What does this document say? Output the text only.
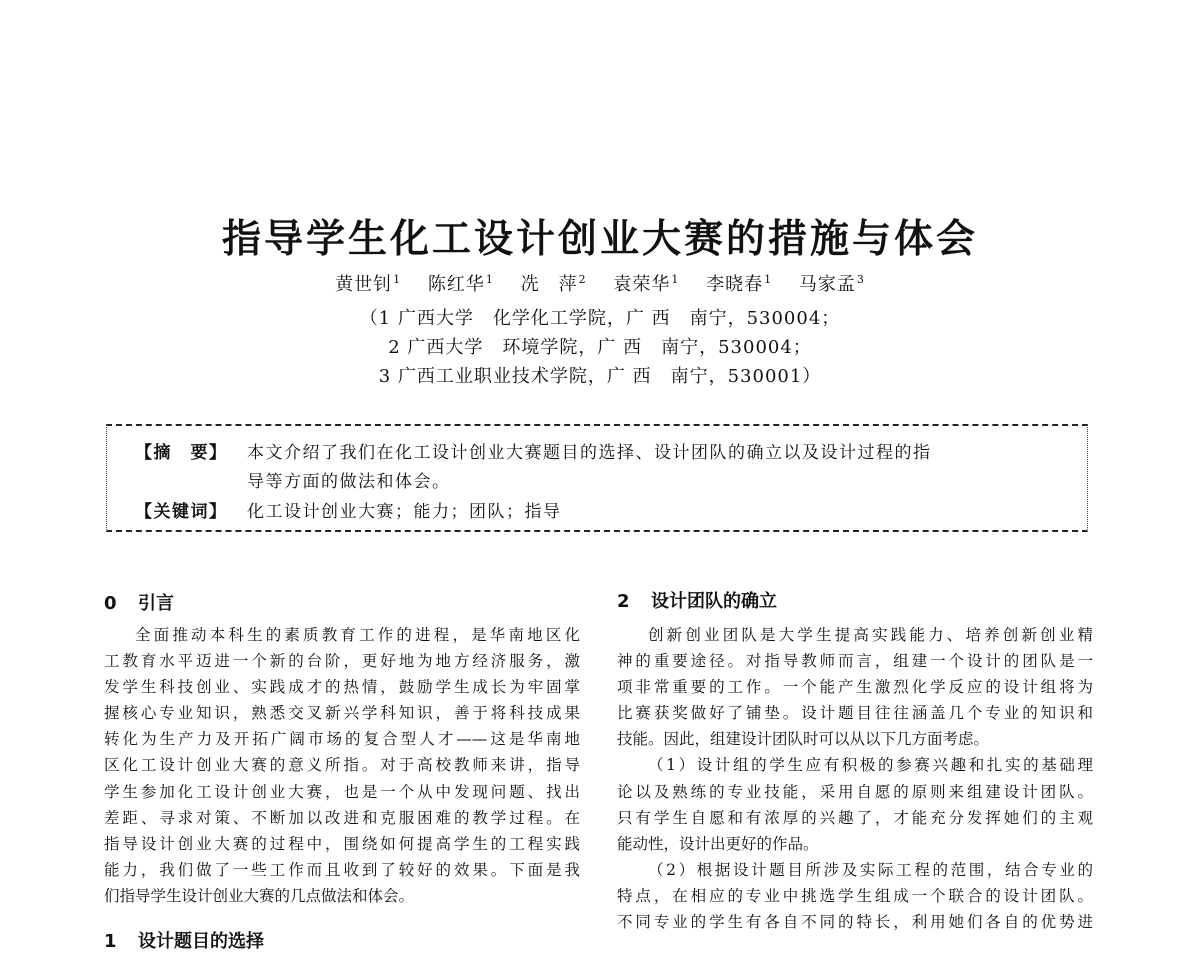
指导学生化工设计创业大赛的措施与体会
黄世钊$^1$ 陈红华$^1$ 冼　萍$^2$ 袁荣华$^1$ 李晓春$^1$ 马家孟$^3$
（1 广西大学　化学化工学院，广 西　南宁，530004；
2 广西大学　环境学院，广 西　南宁，530004；
3 广西工业职业技术学院，广 西　南宁，530001）
【摘　要】 本文介绍了我们在化工设计创业大赛题目的选择、设计团队的确立以及设计过程的指
导等方面的做法和体会。
【关键词】 化工设计创业大赛；能力；团队；指导
0 引言
全面推动本科生的素质教育工作的进程，是华南地区化
工教育水平迈进一个新的台阶，更好地为地方经济服务，激
发学生科技创业、实践成才的热情，鼓励学生成长为牢固掌
握核心专业知识，熟悉交叉新兴学科知识，善于将科技成果
转化为生产力及开拓广阔市场的复合型人才——这是华南地
区化工设计创业大赛的意义所指。对于高校教师来讲，指导
学生参加化工设计创业大赛，也是一个从中发现问题、找出
差距、寻求对策、不断加以改进和克服困难的教学过程。在
指导设计创业大赛的过程中，围绕如何提高学生的工程实践
能力，我们做了一些工作而且收到了较好的效果。下面是我
们指导学生设计创业大赛的几点做法和体会。
1 设计题目的选择
2 设计团队的确立
创新创业团队是大学生提高实践能力、培养创新创业精
神的重要途径。对指导教师而言，组建一个设计的团队是一
项非常重要的工作。一个能产生激烈化学反应的设计组将为
比赛获奖做好了铺垫。设计题目往往涵盖几个专业的知识和
技能。因此，组建设计团队时可以从以下几方面考虑。
（1）设计组的学生应有积极的参赛兴趣和扎实的基础理
论以及熟练的专业技能，采用自愿的原则来组建设计团队。
只有学生自愿和有浓厚的兴趣了，才能充分发挥她们的主观
能动性，设计出更好的作品。
（2）根据设计题目所涉及实际工程的范围，结合专业的
特点，在相应的专业中挑选学生组成一个联合的设计团队。
不同专业的学生有各自不同的特长，利用她们各自的优势进
